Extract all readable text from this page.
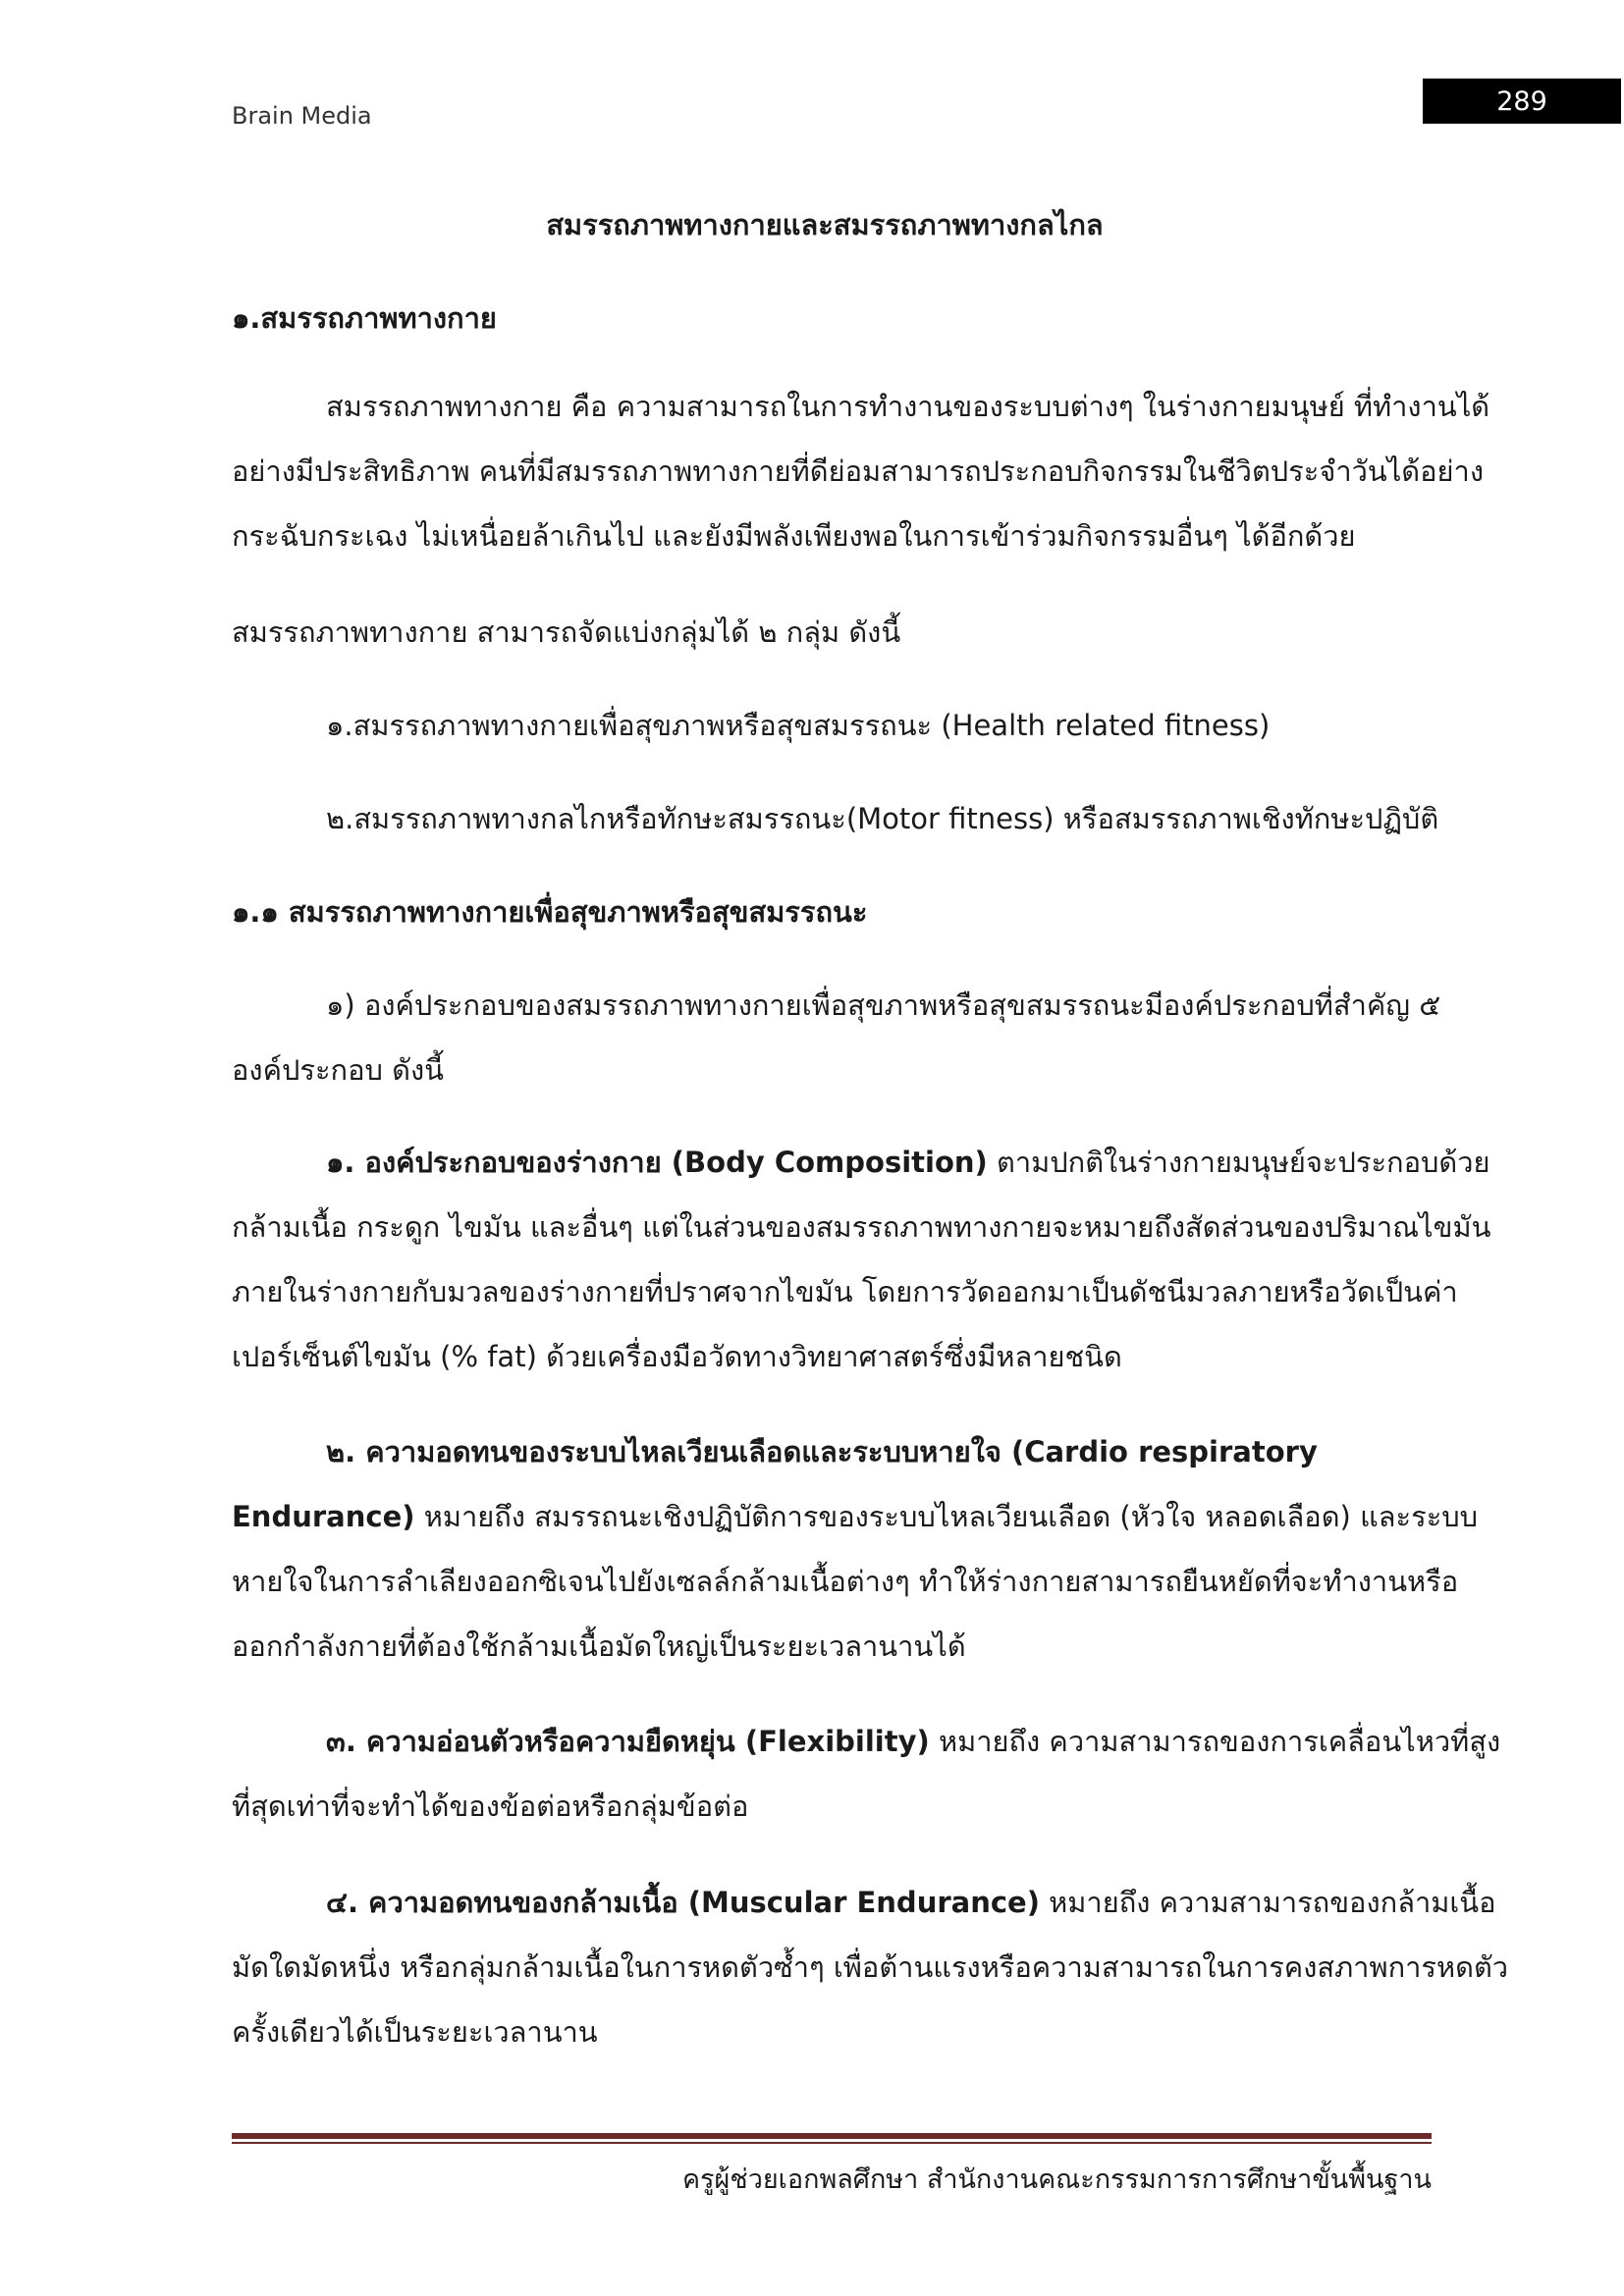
Brain Media	289
สมรรถภาพทางกายและสมรรถภาพทางกลไกล
๑.สมรรถภาพทางกาย
สมรรถภาพทางกาย คือ ความสามารถในการทำงานของระบบต่างๆ ในร่างกายมนุษย์ ที่ทำงานได้
อย่างมีประสิทธิภาพ คนที่มีสมรรถภาพทางกายที่ดีย่อมสามารถประกอบกิจกรรมในชีวิตประจำวันได้อย่าง
กระฉับกระเฉง ไม่เหนื่อยล้าเกินไป และยังมีพลังเพียงพอในการเข้าร่วมกิจกรรมอื่นๆ ได้อีกด้วย
สมรรถภาพทางกาย สามารถจัดแบ่งกลุ่มได้ ๒ กลุ่ม ดังนี้
๑.สมรรถภาพทางกายเพื่อสุขภาพหรือสุขสมรรถนะ (Health related fitness)
๒.สมรรถภาพทางกลไกหรือทักษะสมรรถนะ(Motor fitness) หรือสมรรถภาพเชิงทักษะปฏิบัติ
๑.๑ สมรรถภาพทางกายเพื่อสุขภาพหรือสุขสมรรถนะ
๑) องค์ประกอบของสมรรถภาพทางกายเพื่อสุขภาพหรือสุขสมรรถนะมีองค์ประกอบที่สำคัญ ๕
องค์ประกอบ ดังนี้
๑. องค์ประกอบของร่างกาย (Body Composition) ตามปกติในร่างกายมนุษย์จะประกอบด้วย
กล้ามเนื้อ กระดูก ไขมัน และอื่นๆ แต่ในส่วนของสมรรถภาพทางกายจะหมายถึงสัดส่วนของปริมาณไขมัน
ภายในร่างกายกับมวลของร่างกายที่ปราศจากไขมัน โดยการวัดออกมาเป็นดัชนีมวลภายหรือวัดเป็นค่า
เปอร์เซ็นต์ไขมัน (% fat) ด้วยเครื่องมือวัดทางวิทยาศาสตร์ซึ่งมีหลายชนิด
๒. ความอดทนของระบบไหลเวียนเลือดและระบบหายใจ (Cardio respiratory
Endurance) หมายถึง สมรรถนะเชิงปฏิบัติการของระบบไหลเวียนเลือด (หัวใจ หลอดเลือด) และระบบ
หายใจในการลำเลียงออกซิเจนไปยังเซลล์กล้ามเนื้อต่างๆ ทำให้ร่างกายสามารถยืนหยัดที่จะทำงานหรือ
ออกกำลังกายที่ต้องใช้กล้ามเนื้อมัดใหญ่เป็นระยะเวลานานได้
๓. ความอ่อนตัวหรือความยืดหยุ่น (Flexibility) หมายถึง ความสามารถของการเคลื่อนไหวที่สูง
ที่สุดเท่าที่จะทำได้ของข้อต่อหรือกลุ่มข้อต่อ
๔. ความอดทนของกล้ามเนื้อ (Muscular Endurance) หมายถึง ความสามารถของกล้ามเนื้อ
มัดใดมัดหนึ่ง หรือกลุ่มกล้ามเนื้อในการหดตัวซ้ำๆ เพื่อต้านแรงหรือความสามารถในการคงสภาพการหดตัว
ครั้งเดียวได้เป็นระยะเวลานาน
ครูผู้ช่วยเอกพลศึกษา สำนักงานคณะกรรมการการศึกษาขั้นพื้นฐาน
